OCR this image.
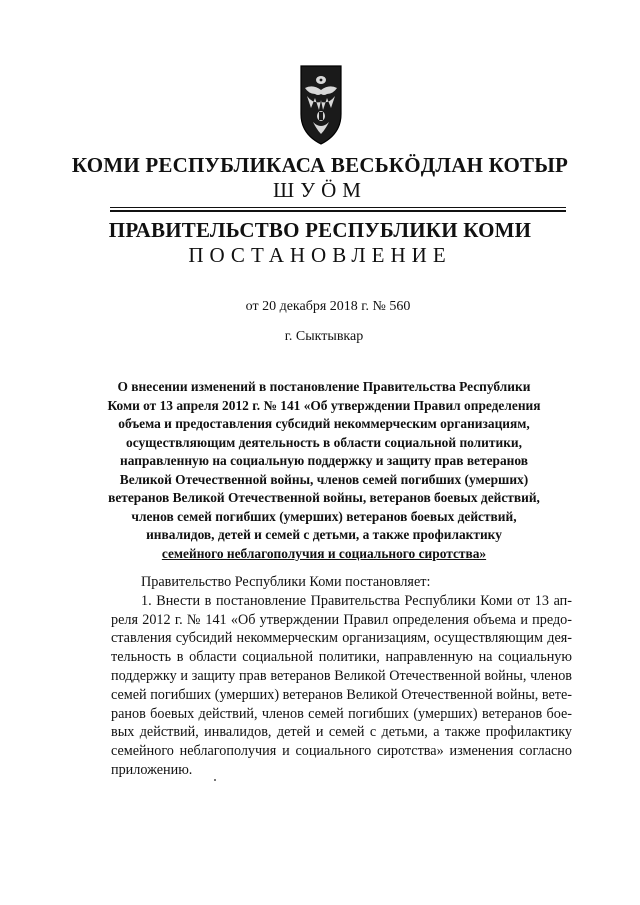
КОМИ РЕСПУБЛИКАСА ВЕСЬКӦДЛАН КОТЫР
ШУÖМ
ПРАВИТЕЛЬСТВО РЕСПУБЛИКИ КОМИ
ПОСТАНОВЛЕНИЕ
от 20 декабря 2018 г. № 560
г. Сыктывкар
О внесении изменений в постановление Правительства Республики
Коми от 13 апреля 2012 г. № 141 «Об утверждении Правил определения
объема и предоставления субсидий некоммерческим организациям,
осуществляющим деятельность в области социальной политики,
направленную на социальную поддержку и защиту прав ветеранов
Великой Отечественной войны, членов семей погибших (умерших)
ветеранов Великой Отечественной войны, ветеранов боевых действий,
членов семей погибших (умерших) ветеранов боевых действий,
инвалидов, детей и семей с детьми, а также профилактику
семейного неблагополучия и социального сиротства»
Правительство Республики Коми постановляет:
1. Внести в постановление Правительства Республики Коми от 13 ап-
реля 2012 г. № 141 «Об утверждении Правил определения объема и предо-
ставления субсидий некоммерческим организациям, осуществляющим дея-
тельность в области социальной политики, направленную на социальную
поддержку и защиту прав ветеранов Великой Отечественной войны, членов
семей погибших (умерших) ветеранов Великой Отечественной войны, вете-
ранов боевых действий, членов семей погибших (умерших) ветеранов бое-
вых действий, инвалидов, детей и семей с детьми, а также профилактику
семейного неблагополучия и социального сиротства» изменения согласно
приложению.
